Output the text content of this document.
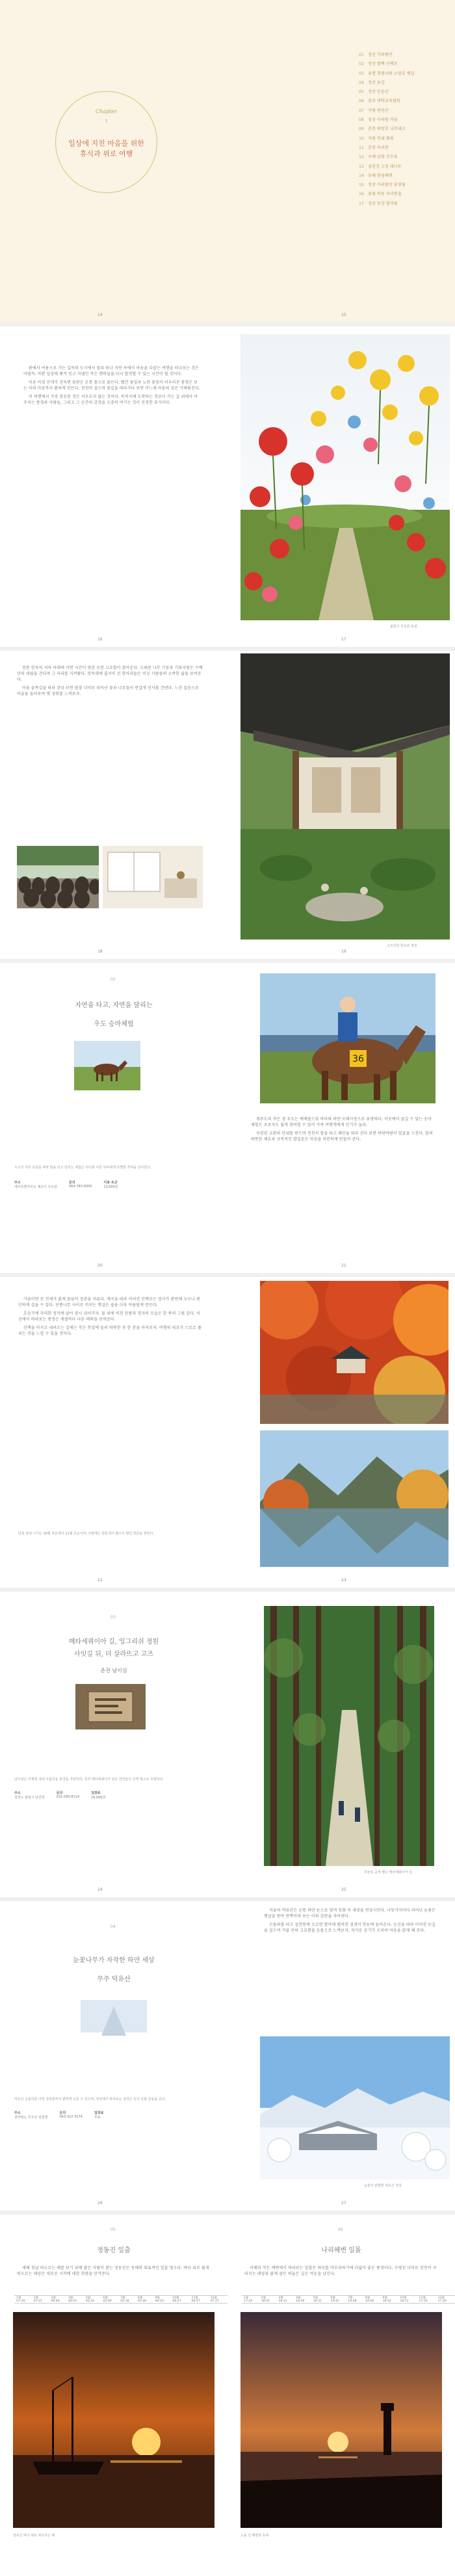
Chapter
1
일상에 지친 마음을 위한
휴식과 위로 여행
14	15
01 정선 가리왕산
02 정선 함백 산책로
03 유명 청평사와 소양호 뱃길
04 정선 동강
05 정선 민둥산
06 충주 대학교육림원
07 가평 연인산
08 정선 아리랑 마을
09 춘천 의암호 나무데크
10 가평 인내 화원
11 춘천 옥녀봉
12 구례 남원 산수유
13 섬진강 고정 대나무
14 동해 한섬해변
15 정선 가리왕산 휴양림
16 유림 하동 옥녀봉숲
17 정선 동강 할미꽃

봄에서 여름으로 가는 길목의 도시에서 멀리 떠나 자연 속에서 마음을 다잡는 여행을 떠나보는 것은 어떨까. 바쁜 일상에 쫓겨 잊고 지냈던 작은 행복들을 다시 발견할 수 있는 시간이 될 것이다.

이른 아침 안개가 걷히면 들판은 온통 꽃으로 물든다. 빨간 꽃잎과 노란 꽃잎이 어우러진 풍경은 보는 이의 마음까지 환하게 만든다. 천천히 걸으며 꽃길을 따라가다 보면 어느새 마음의 짐은 가벼워진다.

이 여행에서 가장 중요한 것은 서두르지 않는 것이다. 목적지에 도착하는 것보다 가는 길 위에서 마주치는 풍경과 사람들, 그리고 그 순간의 감정을 소중히 여기는 것이 진정한 휴식이다.

16
봄꽃이 가득한 들판
17

전통 한옥의 처마 아래에 서면 시간이 멈춘 듯한 고요함이 찾아온다. 오래된 나무 기둥과 기와지붕은 수백 년의 세월을 견디며 그 자리를 지켜왔다. 장독대에 줄지어 선 항아리들은 이곳 사람들의 소박한 삶을 보여준다.

마을 골목길을 따라 걷다 보면 담장 너머로 피어난 꽃과 나무들이 반갑게 인사를 건넨다. 느린 걸음으로 마을을 둘러보며 옛 정취를 느껴보자.

18
고즈넉한 한옥의 정원
19
02
자연을 타고, 자연을 달리는
우도 승마체험
우도의 푸른 초원을 따라 말을 타고 달리는 체험은 아이와 어른 모두에게 특별한 추억을 선사한다.
주소
제주특별자치도 제주시 우도면
문의
064-783-0000
이용 요금
10,000원
20
36

제주도의 작은 섬 우도는 에메랄드빛 바다와 하얀 모래사장으로 유명하다. 이곳에서 즐길 수 있는 승마체험은 초보자도 쉽게 참여할 수 있어 가족 여행객에게 인기가 높다.

숙련된 교관의 안내를 받으며 천천히 말을 타고 해안을 따라 걷다 보면 바닷바람이 얼굴을 스친다. 말의 따뜻한 체온과 규칙적인 발걸음은 마음을 차분하게 만들어 준다.

21

가을이면 산 전체가 붉게 물들어 장관을 이룬다. 계곡을 따라 이어진 산책로는 경사가 완만해 누구나 편안하게 걸을 수 있다. 단풍나무 사이로 비치는 햇살은 숲을 더욱 아름답게 만든다.

호숫가에 자리한 정자에 앉아 잠시 쉬어가자. 물 위에 비친 단풍과 정자의 모습은 한 폭의 그림 같다. 이곳에서 바라보는 풍경은 계절마다 다른 매력을 보여준다.

산책을 마치고 내려오는 길에는 작은 찻집에 들러 따뜻한 차 한 잔을 마셔보자. 여행의 피로가 스르르 풀리는 것을 느낄 수 있을 것이다.

단풍 절정 시기는 10월 하순에서 11월 초순이며, 주말에는 방문객이 많으니 평일 방문을 권한다.
22	23
03
메타세쿼이아 길, 잉그리쉬 정원
사잇길 뒤, 더 살라뜨고 고즈
춘천 남이섬
남이섬은 사계절 내내 아름다운 풍경을 자랑하며, 특히 메타세쿼이아 길은 연인들의 산책 명소로 유명하다.
주소
강원도 춘천시 남산면
문의
031-580-8114
입장료
16,000원
24
하늘로 곧게 뻗은 메타세쿼이아 길
25
04
눈꽃나무가 자작한 하얀 세상
무주 덕유산
덕유산 곤돌라를 타면 설천봉까지 편하게 오를 수 있으며, 정상에서 바라보는 설경은 잊지 못할 감동을 준다.
주소
전라북도 무주군 설천면
문의
063-322-3174
입장료
무료
26

겨울의 덕유산은 온통 하얀 눈으로 덮여 동화 속 세상을 연상시킨다. 나뭇가지마다 피어난 눈꽃은 햇살을 받아 반짝이며 보는 이의 감탄을 자아낸다.

곤돌라를 타고 설천봉에 오르면 발아래 펼쳐진 설경이 한눈에 들어온다. 능선을 따라 이어진 눈길을 걸으며 겨울 산의 고요함을 온몸으로 느껴보자. 차가운 공기가 오히려 마음을 맑게 해 준다.

눈꽃이 만발한 덕유산 정상
27
05
정동진 일출

새해 첫날 떠오르는 해를 보기 위해 많은 사람이 찾는 정동진은 동해의 대표적인 일출 명소다. 바다 위로 붉게 떠오르는 태양은 새로운 시작에 대한 희망을 안겨준다.

1월 07:39	2월 07:21	3월 06:46	4월 06:01	5월 05:24	6월 05:09	7월 05:18	8월 05:40	9월 06:03	10월 06:27	11월 06:57	12월 07:27
정동진 바다 위로 떠오르는 해
06
나리해변 일몰

서해의 작은 해변에서 바라보는 일몰은 하루를 마무리하기에 더없이 좋은 풍경이다. 수평선 너머로 천천히 사라지는 태양과 붉게 물든 하늘은 깊은 여운을 남긴다.

1월 17:35	2월 18:05	3월 18:31	4월 18:56	5월 19:21	6월 19:42	7월 19:48	8월 19:29	9월 18:52	10월 18:11	11월 17:35	12월 17:20
노을 진 해변과 등대
